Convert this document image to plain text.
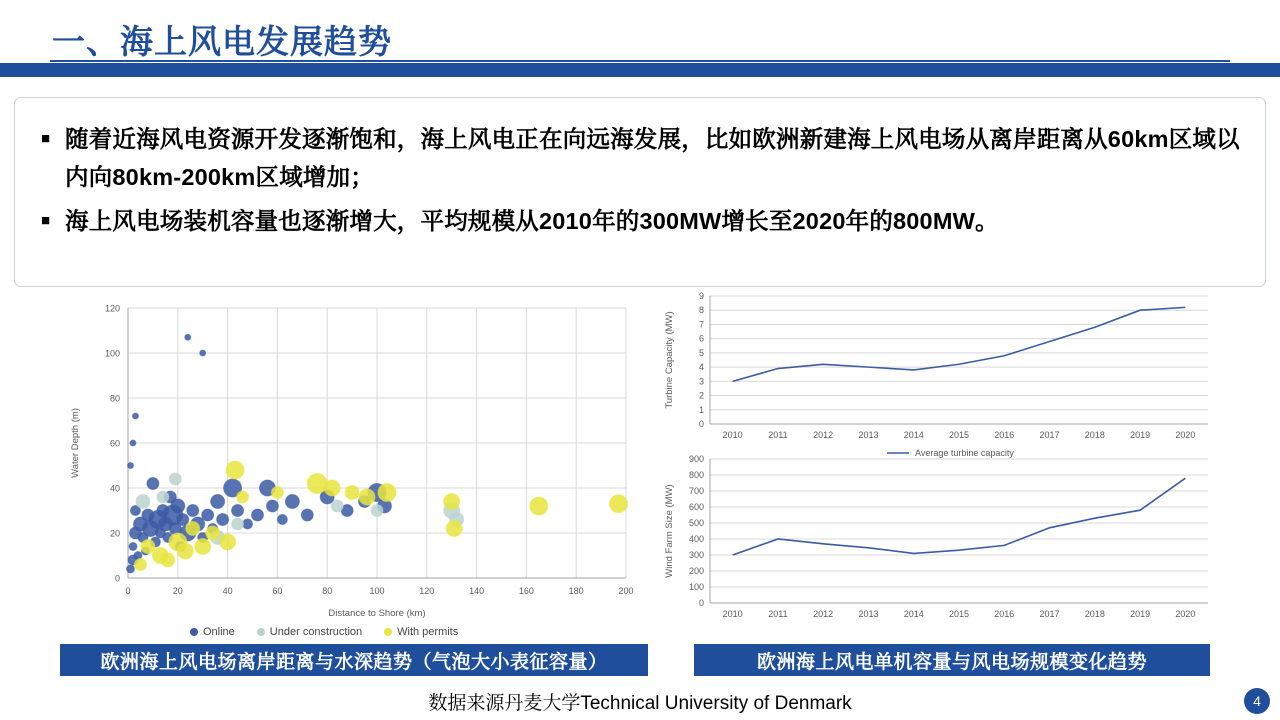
一、海上风电发展趋势
■ 随着近海风电资源开发逐渐饱和，海上风电正在向远海发展，比如欧洲新建海上风电场从离岸距离从60km区域以内向80km-200km区域增加；
■ 海上风电场装机容量也逐渐增大，平均规模从2010年的300MW增长至2020年的800MW。
0
20
40
60
80
100
120
0	20	40	60	80	100	120	140	160	180	200
Distance to Shore (km)
Water Depth (m)
Online	Under construction	With permits
0
1
2
3
4
5
6
7
8
9
2010	2011	2012	2013	2014	2015	2016	2017	2018	2019	2020
Turbine Capacity (MW)
Average turbine capacity
0
100
200
300
400
500
600
700
800
900
2010	2011	2012	2013	2014	2015	2016	2017	2018	2019	2020
Wind Farm Size (MW)
欧洲海上风电场离岸距离与水深趋势（气泡大小表征容量）	欧洲海上风电单机容量与风电场规模变化趋势
数据来源丹麦大学Technical University of Denmark	4
